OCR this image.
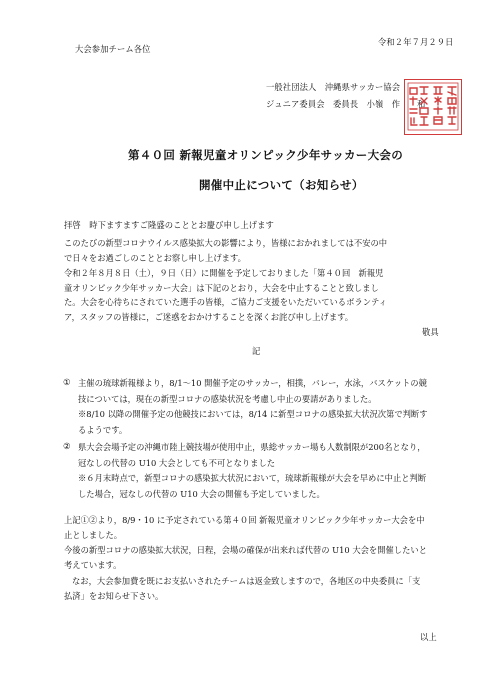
令和２年７月２９日
大会参加チーム各位
一般社団法人　沖縄県サッカー協会
ジュニア委員会　委員長　小嶺　作　　和
第４０回 新報児童オリンピック少年サッカー大会の
開催中止について（お知らせ）
拝啓　時下ますますご隆盛のこととお慶び申し上げます
このたびの新型コロナウイルス感染拡大の影響により，皆様におかれましては不安の中
で日々をお過ごしのこととお察し申し上げます。
令和２年８月８日（土），９日（日）に開催を予定しておりました「第４０回　新報児
童オリンピック少年サッカー大会」は下記のとおり，大会を中止することと致しまし
た。大会を心待ちにされていた選手の皆様，ご協力ご支援をいただいているボランティ
ア，スタッフの皆様に，ご迷惑をおかけすることを深くお詫び申し上げます。
敬具
記
① 主催の琉球新報様より，8/1～10 開催予定のサッカー，相撲，バレー，水泳，バスケットの競
技については，現在の新型コロナの感染状況を考慮し中止の要請がありました。
※8/10 以降の開催予定の他競技においては，8/14 に新型コロナの感染拡大状況次第で判断す
るようです。
② 県大会会場予定の沖縄市陸上競技場が使用中止，県総サッカー場も人数制限が200名となり，
冠なしの代替の U10 大会としても不可となりました
※６月末時点で，新型コロナの感染拡大状況において，琉球新報様が大会を早めに中止と判断
した場合，冠なしの代替の U10 大会の開催も予定していました。
上記①②より，8/9・10 に予定されている第４０回 新報児童オリンピック少年サッカー大会を中
止としました。
今後の新型コロナの感染拡大状況，日程，会場の確保が出来れば代替の U10 大会を開催したいと
考えています。
なお，大会参加費を既にお支払いされたチームは返金致しますので，各地区の中央委員に「支
払済」をお知らせ下さい。
以上
